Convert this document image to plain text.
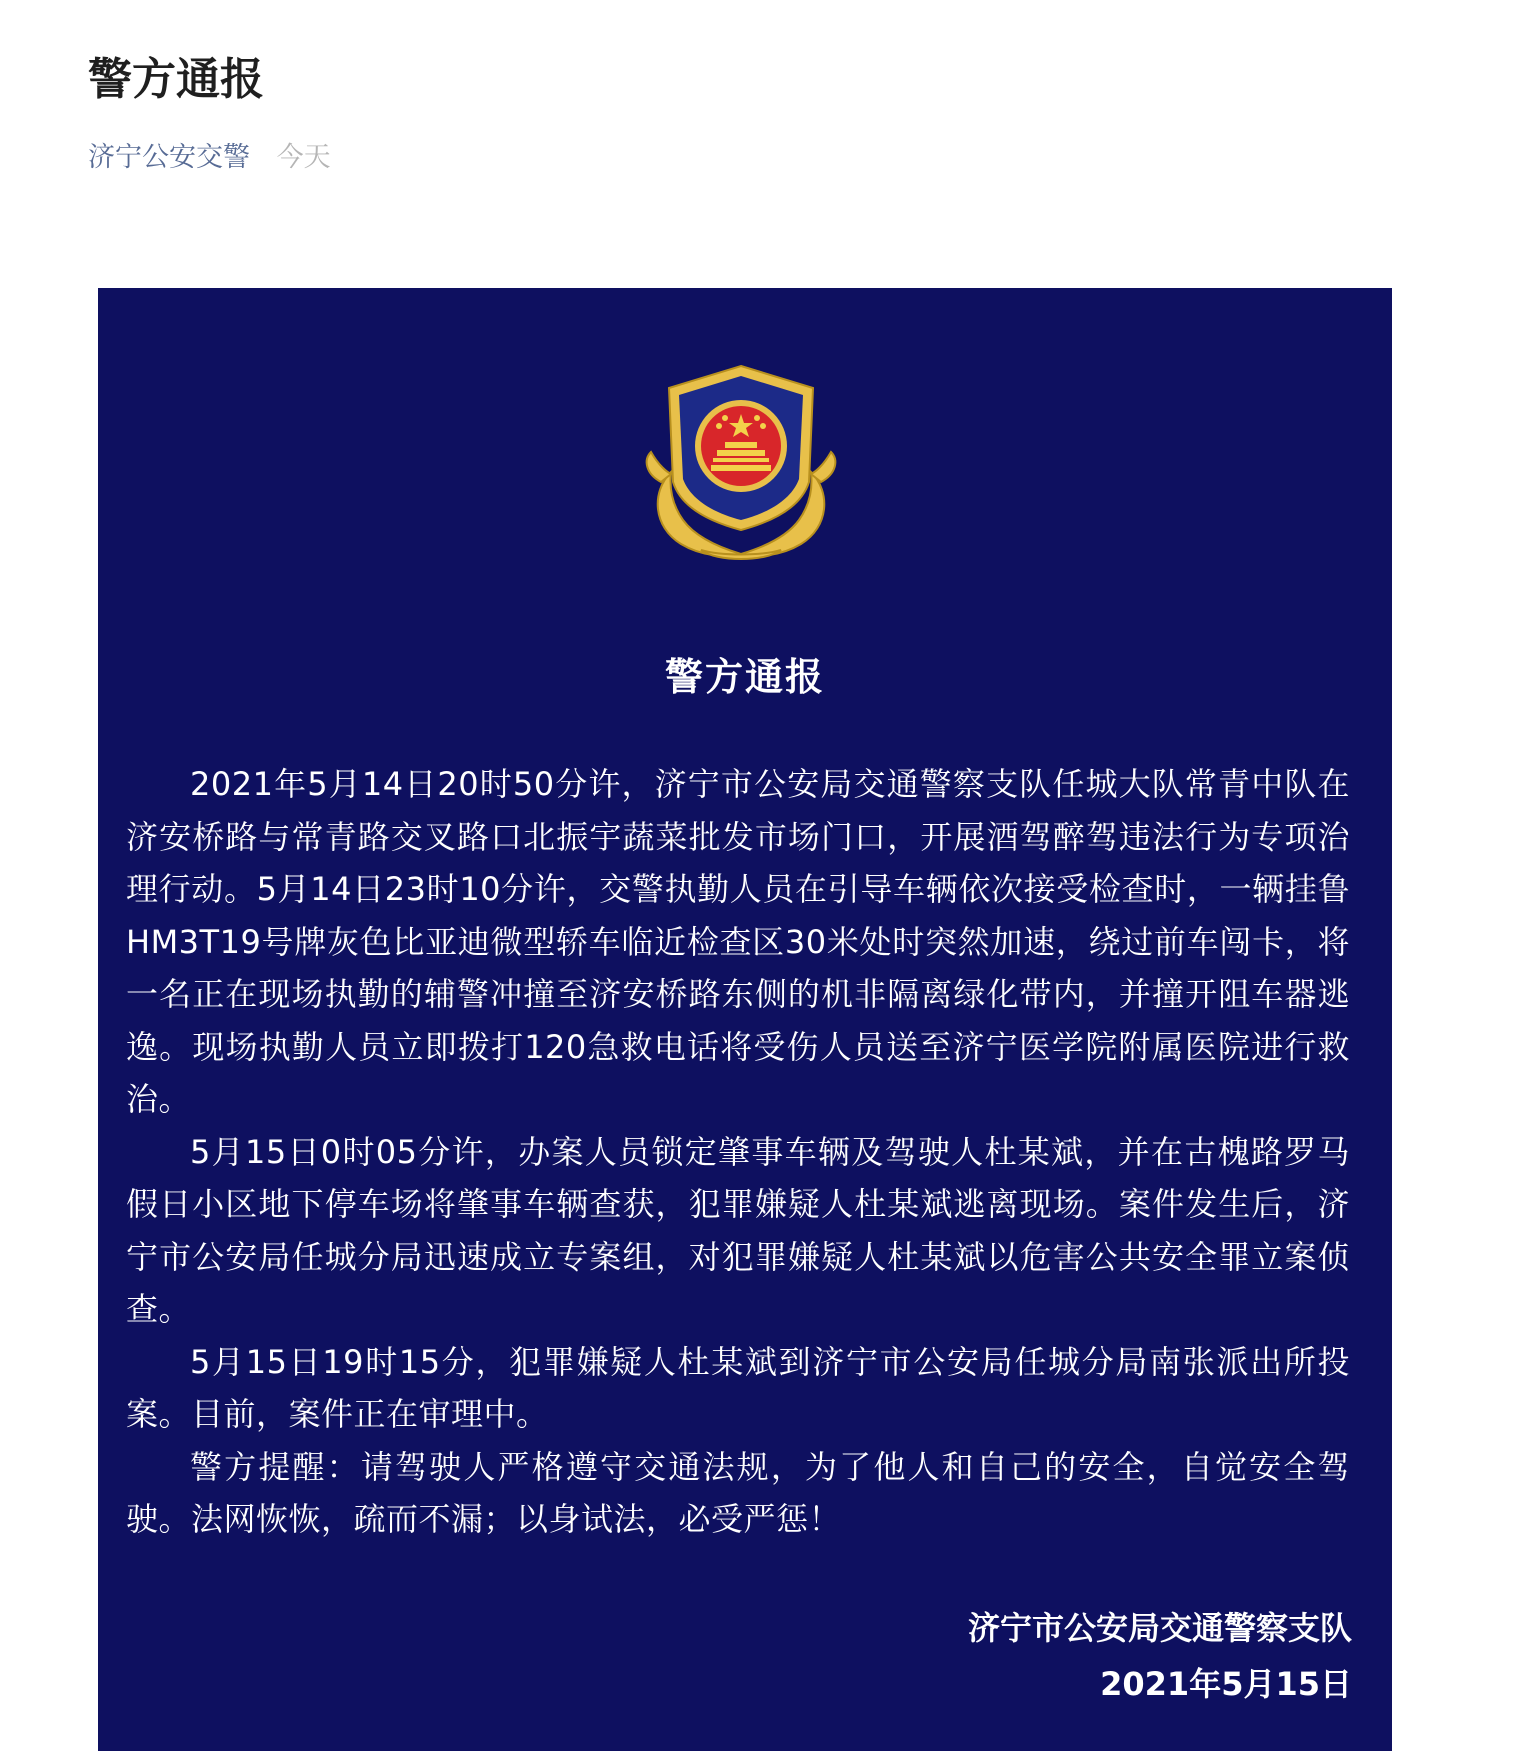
警方通报
济宁公安交警 今天
警方通报

2021年5月14日20时50分许，济宁市公安局交通警察支队任城大队常青中队在济安桥路与常青路交叉路口北振宇蔬菜批发市场门口，开展酒驾醉驾违法行为专项治理行动。5月14日23时10分许，交警执勤人员在引导车辆依次接受检查时，一辆挂鲁HM3T19号牌灰色比亚迪微型轿车临近检查区30米处时突然加速，绕过前车闯卡，将一名正在现场执勤的辅警冲撞至济安桥路东侧的机非隔离绿化带内，并撞开阻车器逃逸。现场执勤人员立即拨打120急救电话将受伤人员送至济宁医学院附属医院进行救治。

5月15日0时05分许，办案人员锁定肇事车辆及驾驶人杜某斌，并在古槐路罗马假日小区地下停车场将肇事车辆查获，犯罪嫌疑人杜某斌逃离现场。案件发生后，济宁市公安局任城分局迅速成立专案组，对犯罪嫌疑人杜某斌以危害公共安全罪立案侦查。

5月15日19时15分，犯罪嫌疑人杜某斌到济宁市公安局任城分局南张派出所投案。目前，案件正在审理中。

警方提醒：请驾驶人严格遵守交通法规，为了他人和自己的安全，自觉安全驾驶。法网恢恢，疏而不漏；以身试法，必受严惩！

济宁市公安局交通警察支队
2021年5月15日
